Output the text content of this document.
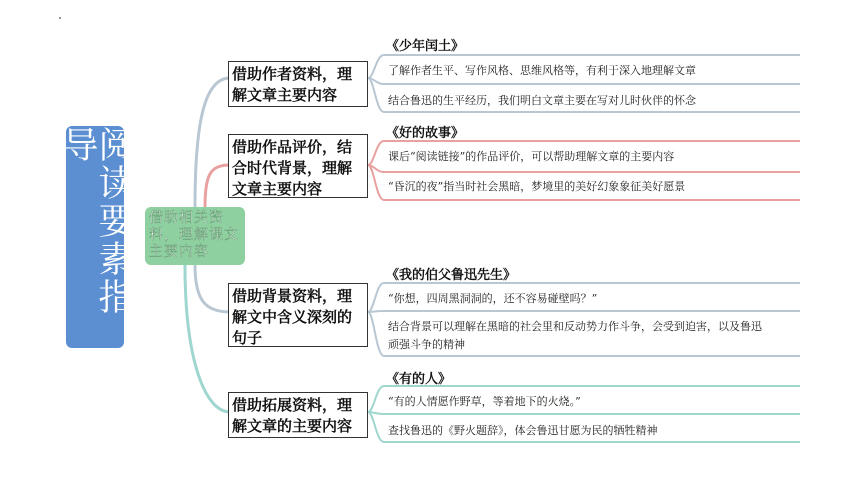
阅读要素指导
借助相关资料，理解课文主要内容
借助作者资料，理解文章主要内容
《少年闰土》
了解作者生平、写作风格、思维风格等，有利于深入地理解文章
结合鲁迅的生平经历，我们明白文章主要在写对儿时伙伴的怀念
借助作品评价，结合时代背景，理解文章主要内容
《好的故事》
课后“阅读链接”的作品评价，可以帮助理解文章的主要内容
“昏沉的夜”指当时社会黑暗，梦境里的美好幻象象征美好愿景
借助背景资料，理解文中含义深刻的句子
《我的伯父鲁迅先生》
“你想，四周黑洞洞的，还不容易碰壁吗？”
结合背景可以理解在黑暗的社会里和反动势力作斗争，会受到迫害，以及鲁迅顽强斗争的精神
借助拓展资料，理解文章的主要内容
《有的人》
“有的人情愿作野草，等着地下的火烧。”
查找鲁迅的《野火题辞》，体会鲁迅甘愿为民的牺牲精神
